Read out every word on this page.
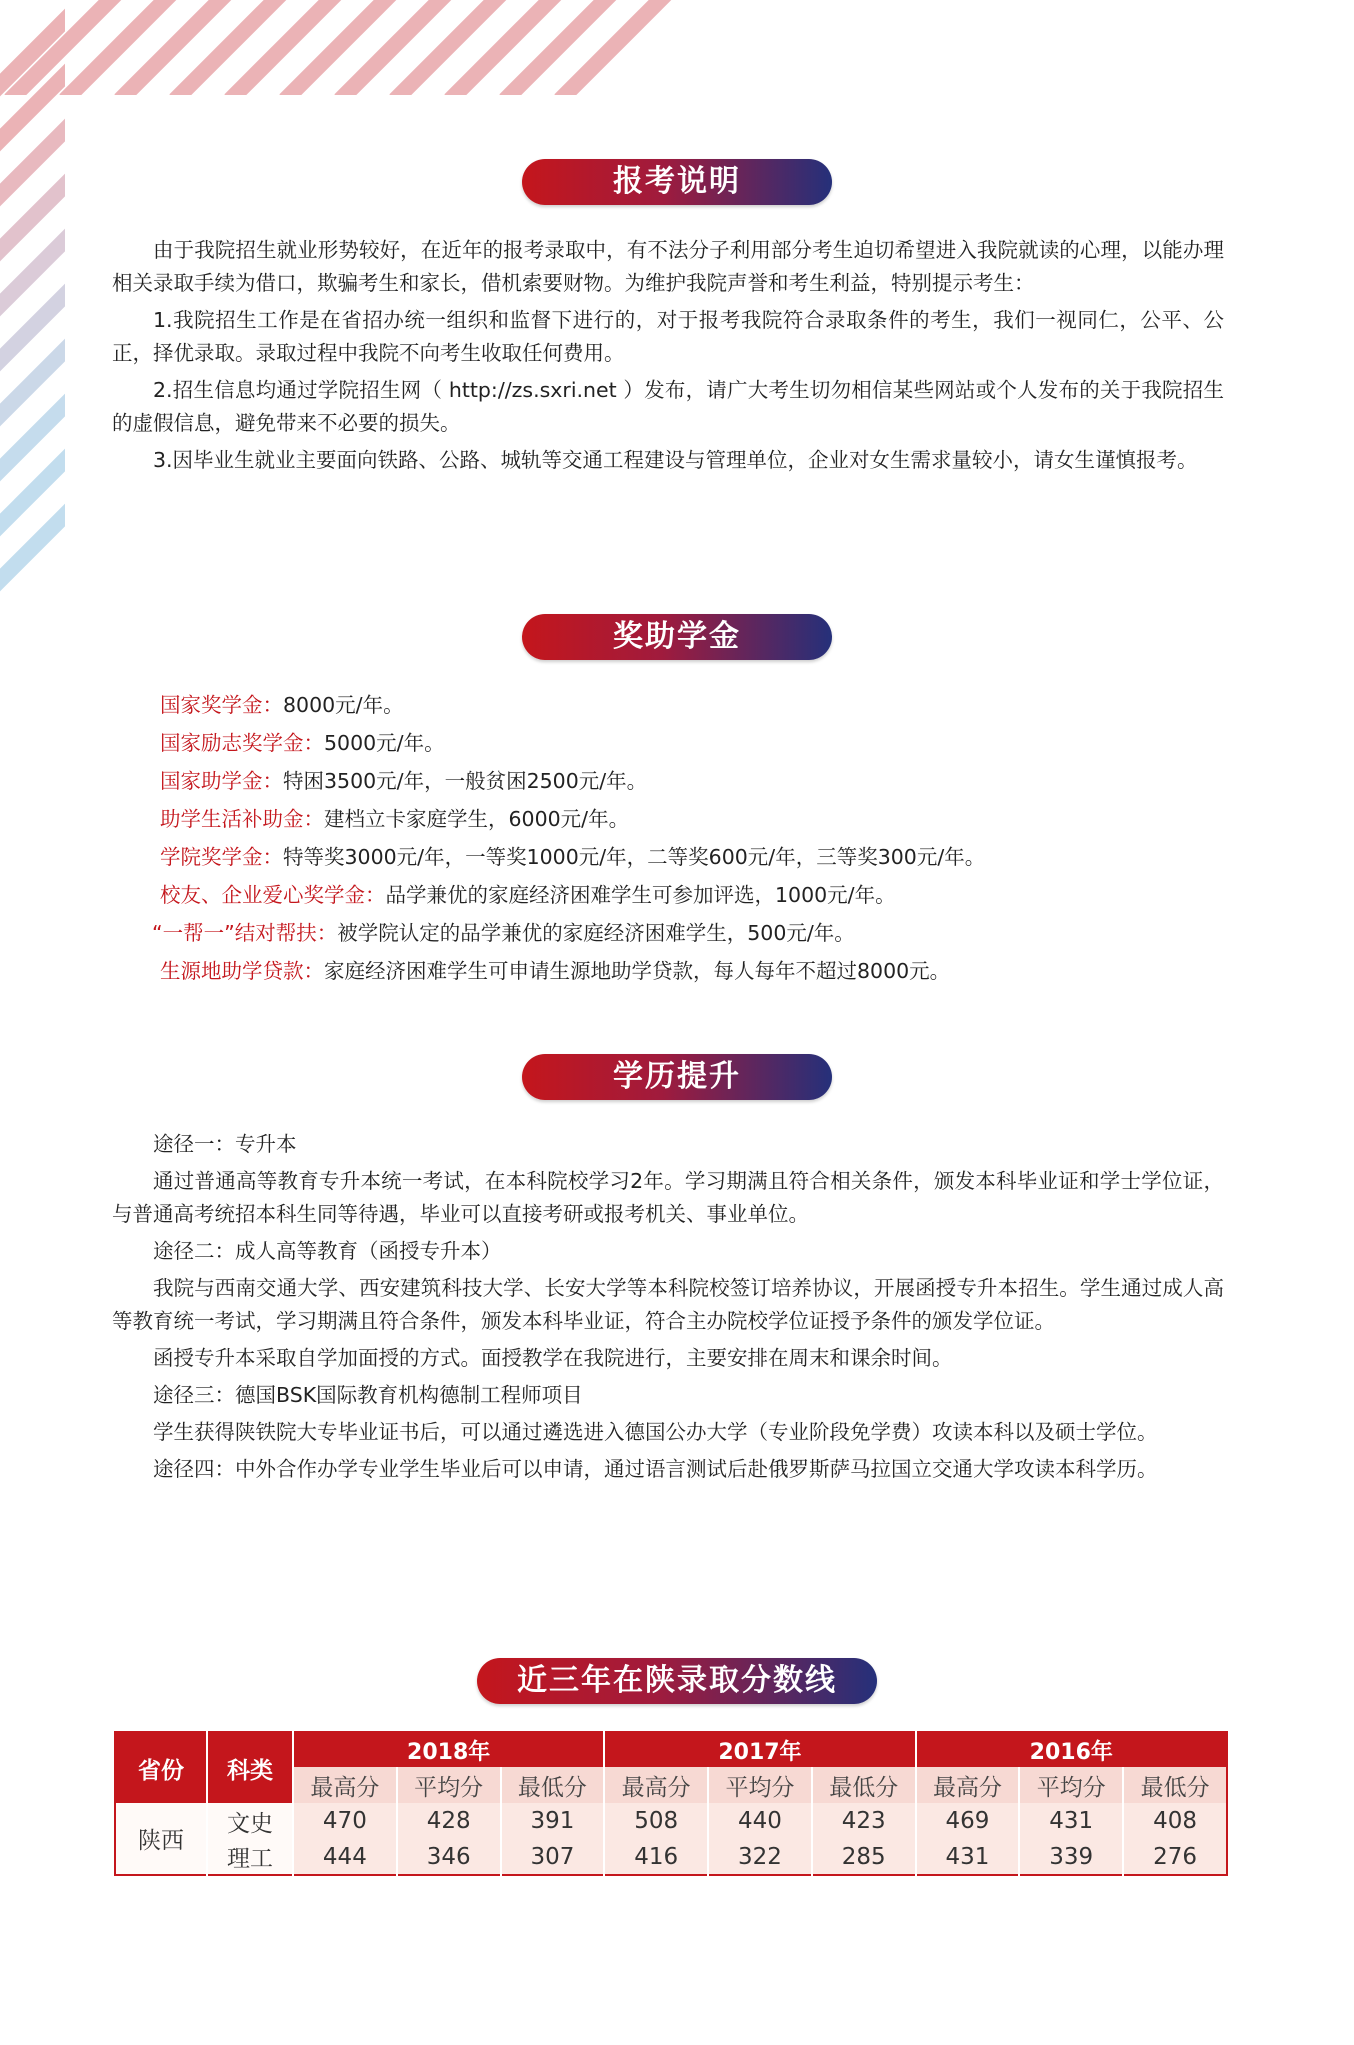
报考说明

由于我院招生就业形势较好，在近年的报考录取中，有不法分子利用部分考生迫切希望进入我院就读的心理，以能办理相关录取手续为借口，欺骗考生和家长，借机索要财物。为维护我院声誉和考生利益，特别提示考生：

1.我院招生工作是在省招办统一组织和监督下进行的，对于报考我院符合录取条件的考生，我们一视同仁，公平、公正，择优录取。录取过程中我院不向考生收取任何费用。

2.招生信息均通过学院招生网（ http://zs.sxri.net ）发布，请广大考生切勿相信某些网站或个人发布的关于我院招生的虚假信息，避免带来不必要的损失。

3.因毕业生就业主要面向铁路、公路、城轨等交通工程建设与管理单位，企业对女生需求量较小，请女生谨慎报考。

奖助学金
国家奖学金：8000元/年。
国家励志奖学金：5000元/年。
国家助学金：特困3500元/年，一般贫困2500元/年。
助学生活补助金：建档立卡家庭学生，6000元/年。
学院奖学金：特等奖3000元/年，一等奖1000元/年，二等奖600元/年，三等奖300元/年。
校友、企业爱心奖学金：品学兼优的家庭经济困难学生可参加评选，1000元/年。
“一帮一”结对帮扶：被学院认定的品学兼优的家庭经济困难学生，500元/年。
生源地助学贷款：家庭经济困难学生可申请生源地助学贷款，每人每年不超过8000元。
学历提升

途径一：专升本

通过普通高等教育专升本统一考试，在本科院校学习2年。学习期满且符合相关条件，颁发本科毕业证和学士学位证，与普通高考统招本科生同等待遇，毕业可以直接考研或报考机关、事业单位。

途径二：成人高等教育（函授专升本）

我院与西南交通大学、西安建筑科技大学、长安大学等本科院校签订培养协议，开展函授专升本招生。学生通过成人高等教育统一考试，学习期满且符合条件，颁发本科毕业证，符合主办院校学位证授予条件的颁发学位证。

函授专升本采取自学加面授的方式。面授教学在我院进行，主要安排在周末和课余时间。

途径三：德国BSK国际教育机构德制工程师项目

学生获得陕铁院大专毕业证书后，可以通过遴选进入德国公办大学（专业阶段免学费）攻读本科以及硕士学位。

途径四：中外合作办学专业学生毕业后可以申请，通过语言测试后赴俄罗斯萨马拉国立交通大学攻读本科学历。

近三年在陕录取分数线
省份	科类	2018年			2017年			2016年		
		最高分	平均分	最低分	最高分	平均分	最低分	最高分	平均分	最低分
陕西	文史	470	428	391	508	440	423	469	431	408
	理工	444	346	307	416	322	285	431	339	276
